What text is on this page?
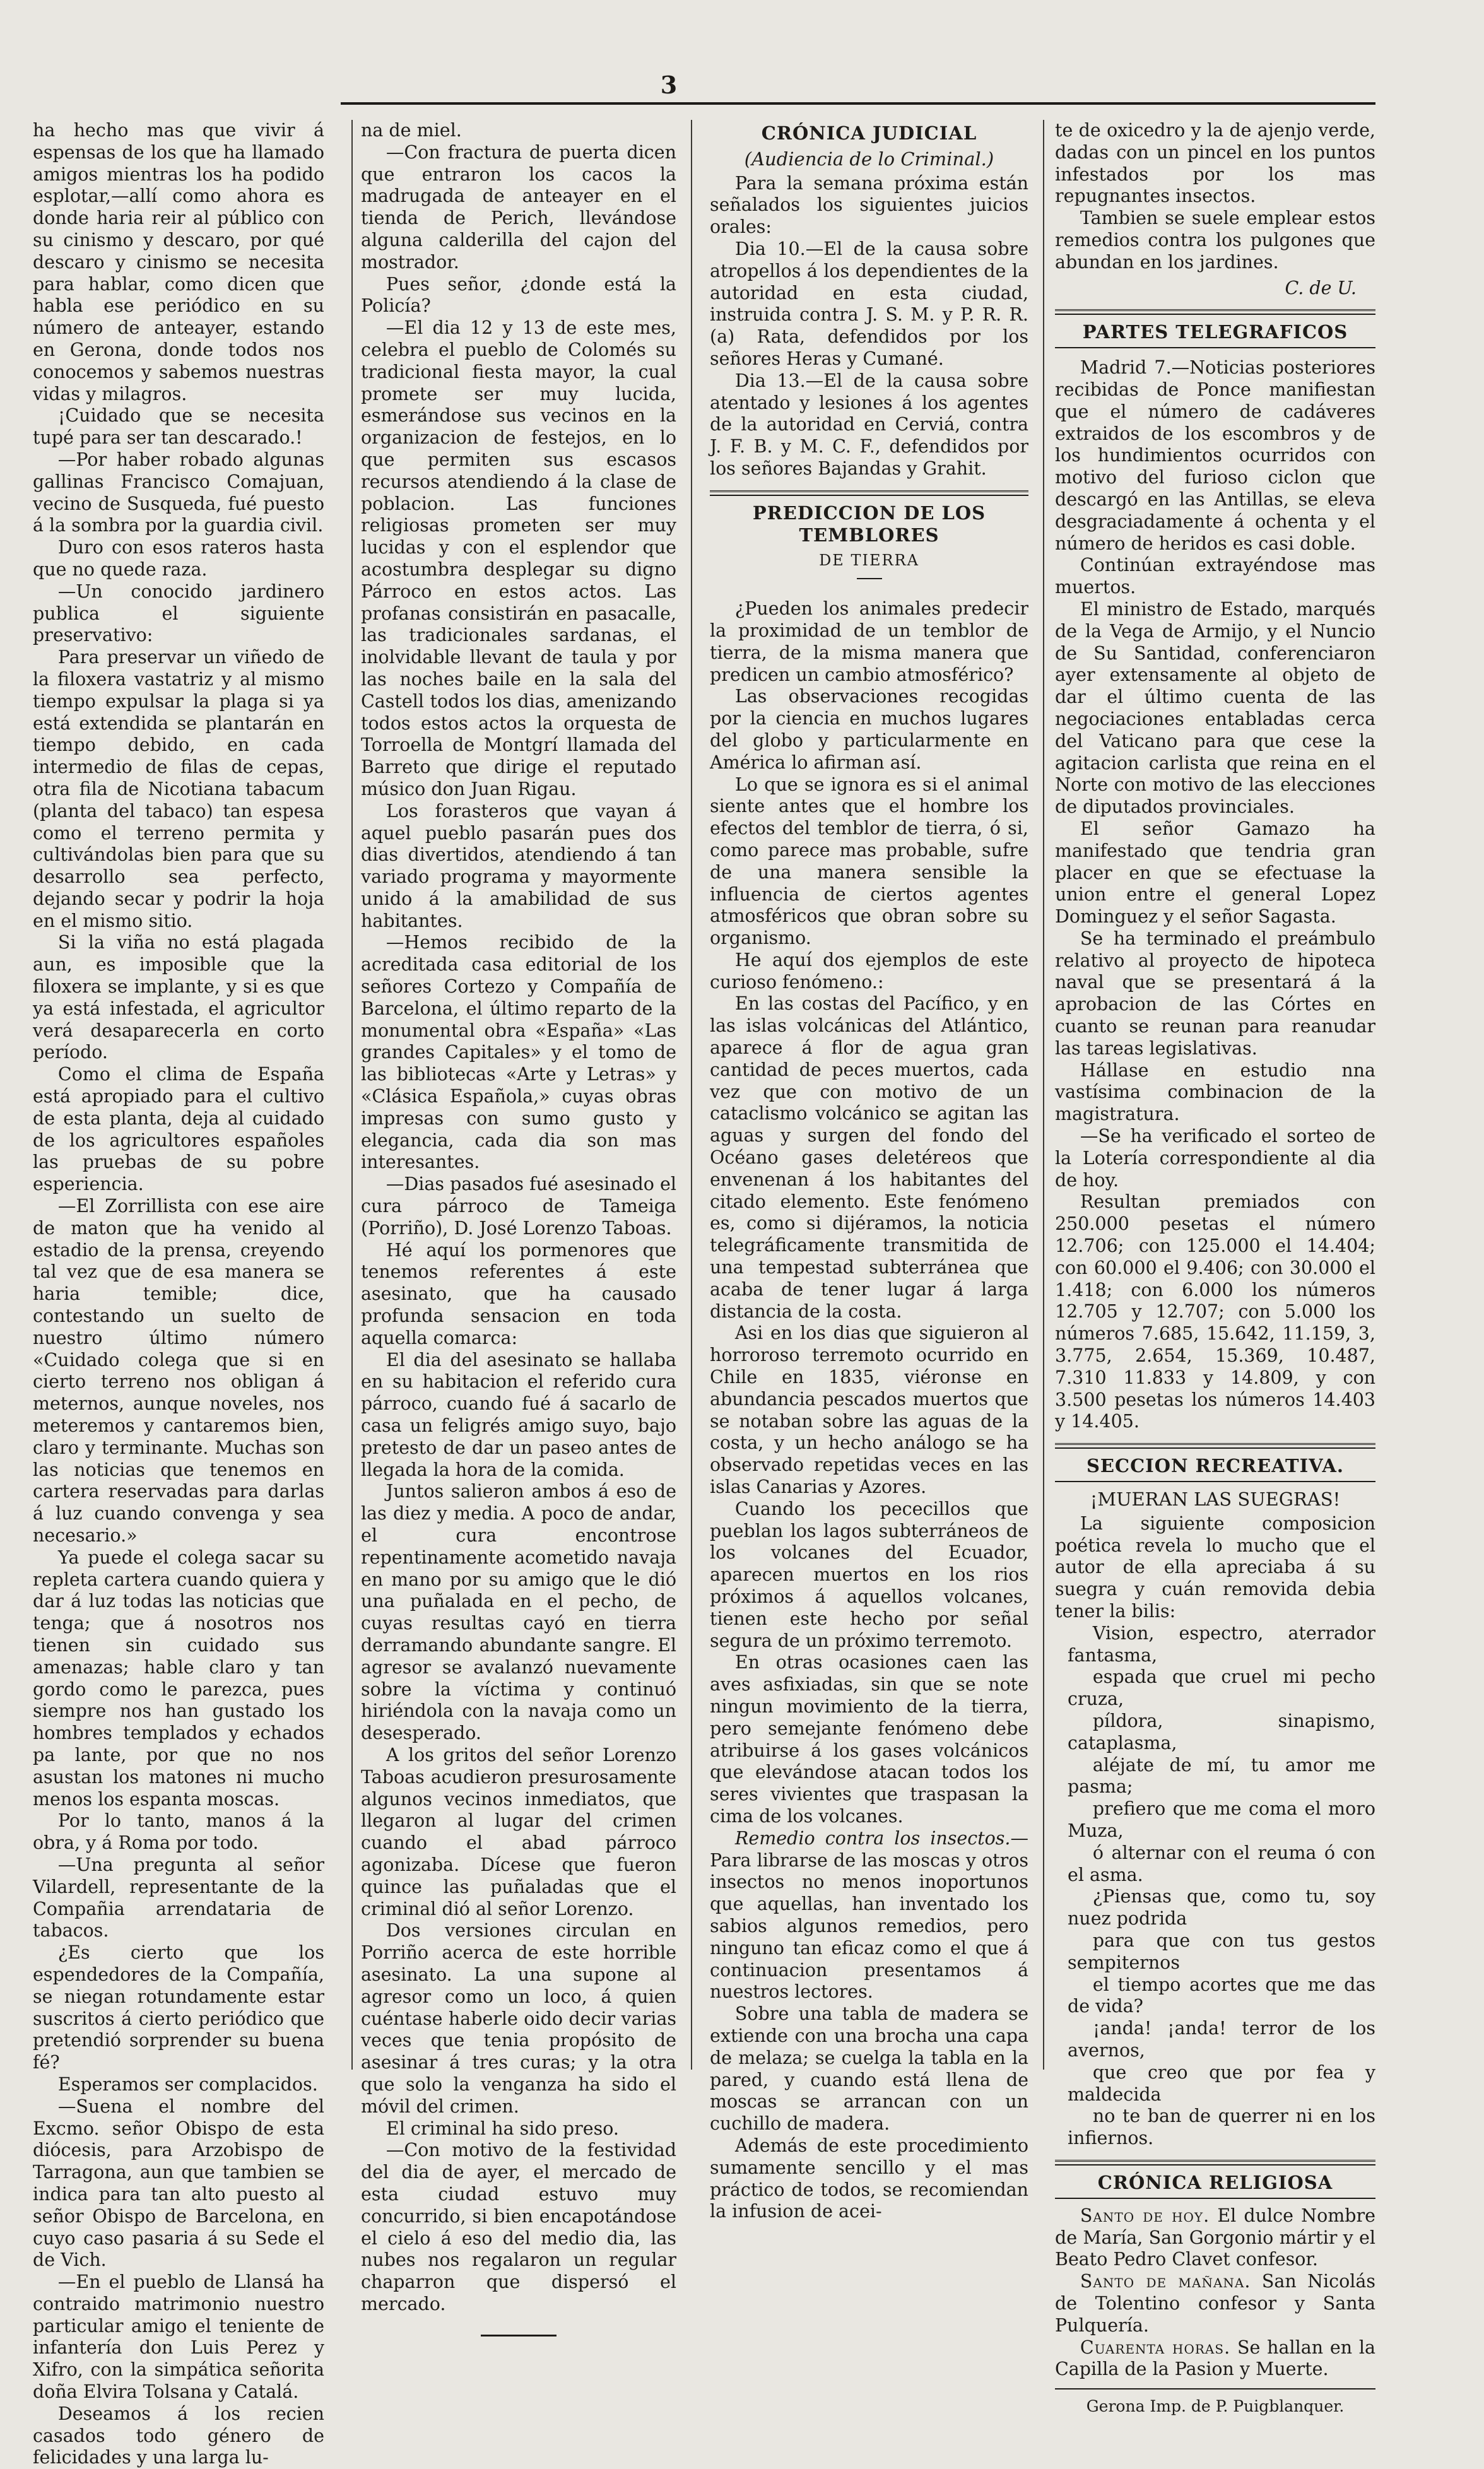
3

ha hecho mas que vivir á espensas de los que ha llamado amigos mientras los ha podido esplotar,—allí como ahora es donde haria reir al público con su cinismo y descaro, por qué descaro y cinismo se necesita para hablar, como dicen que habla ese periódico en su número de anteayer, estando en Gerona, donde todos nos conocemos y sabemos nuestras vidas y milagros.

¡Cuidado que se necesita tupé para ser tan descarado.!

—Por haber robado algunas gallinas Francisco Comajuan, vecino de Susqueda, fué puesto á la sombra por la guardia civil.

Duro con esos rateros hasta que no quede raza.

—Un conocido jardinero publica el siguiente preservativo:

Para preservar un viñedo de la filoxera vastatriz y al mismo tiempo expulsar la plaga si ya está extendida se plantarán en tiempo debido, en cada intermedio de filas de cepas, otra fila de Nicotiana tabacum (planta del tabaco) tan espesa como el terreno permita y cultivándolas bien para que su desarrollo sea perfecto, dejando secar y podrir la hoja en el mismo sitio.

Si la viña no está plagada aun, es imposible que la filoxera se implante, y si es que ya está infestada, el agricultor verá desaparecerla en corto período.

Como el clima de España está apropiado para el cultivo de esta planta, deja al cuidado de los agricultores españoles las pruebas de su pobre esperiencia.

—El Zorrillista con ese aire de maton que ha venido al estadio de la prensa, creyendo tal vez que de esa manera se haria temible; dice, contestando un suelto de nuestro último número «Cuidado colega que si en cierto terreno nos obligan á meternos, aunque noveles, nos meteremos y cantaremos bien, claro y terminante. Muchas son las noticias que tenemos en cartera reservadas para darlas á luz cuando convenga y sea necesario.»

Ya puede el colega sacar su repleta cartera cuando quiera y dar á luz todas las noticias que tenga; que á nosotros nos tienen sin cuidado sus amenazas; hable claro y tan gordo como le parezca, pues siempre nos han gustado los hombres templados y echados pa lante, por que no nos asustan los matones ni mucho menos los espanta moscas.

Por lo tanto, manos á la obra, y á Roma por todo.

—Una pregunta al señor Vilardell, representante de la Compañia arrendataria de tabacos.

¿Es cierto que los espendedores de la Compañía, se niegan rotundamente estar suscritos á cierto periódico que pretendió sorprender su buena fé?

Esperamos ser complacidos.

—Suena el nombre del Excmo. señor Obispo de esta diócesis, para Arzobispo de Tarragona, aun que tambien se indica para tan alto puesto al señor Obispo de Barcelona, en cuyo caso pasaria á su Sede el de Vich.

—En el pueblo de Llansá ha contraido matrimonio nuestro particular amigo el teniente de infantería don Luis Perez y Xifro, con la simpática señorita doña Elvira Tolsana y Catalá.

Deseamos á los recien casados todo género de felicidades y una larga lu-

na de miel.

—Con fractura de puerta dicen que entraron los cacos la madrugada de anteayer en el tienda de Perich, llevándose alguna calderilla del cajon del mostrador.

Pues señor, ¿donde está la Policía?

—El dia 12 y 13 de este mes, celebra el pueblo de Colomés su tradicional fiesta mayor, la cual promete ser muy lucida, esmerándose sus vecinos en la organizacion de festejos, en lo que permiten sus escasos recursos atendiendo á la clase de poblacion. Las funciones religiosas prometen ser muy lucidas y con el esplendor que acostumbra desplegar su digno Párroco en estos actos. Las profanas consistirán en pasacalle, las tradicionales sardanas, el inolvidable llevant de taula y por las noches baile en la sala del Castell todos los dias, amenizando todos estos actos la orquesta de Torroella de Montgrí llamada del Barreto que dirige el reputado músico don Juan Rigau.

Los forasteros que vayan á aquel pueblo pasarán pues dos dias divertidos, atendiendo á tan variado programa y mayormente unido á la amabilidad de sus habitantes.

—Hemos recibido de la acreditada casa editorial de los señores Cortezo y Compañía de Barcelona, el último reparto de la monumental obra «España» «Las grandes Capitales» y el tomo de las bibliotecas «Arte y Letras» y «Clásica Española,» cuyas obras impresas con sumo gusto y elegancia, cada dia son mas interesantes.

—Dias pasados fué asesinado el cura párroco de Tameiga (Porriño), D. José Lorenzo Taboas.

Hé aquí los pormenores que tenemos referentes á este asesinato, que ha causado profunda sensacion en toda aquella comarca:

El dia del asesinato se hallaba en su habitacion el referido cura párroco, cuando fué á sacarlo de casa un feligrés amigo suyo, bajo pretesto de dar un paseo antes de llegada la hora de la comida.

Juntos salieron ambos á eso de las diez y media. A poco de andar, el cura encontrose repentinamente acometido navaja en mano por su amigo que le dió una puñalada en el pecho, de cuyas resultas cayó en tierra derramando abundante sangre. El agresor se avalanzó nuevamente sobre la víctima y continuó hiriéndola con la navaja como un desesperado.

A los gritos del señor Lorenzo Taboas acudieron presurosamente algunos vecinos inmediatos, que llegaron al lugar del crimen cuando el abad párroco agonizaba. Dícese que fueron quince las puñaladas que el criminal dió al señor Lorenzo.

Dos versiones circulan en Porriño acerca de este horrible asesinato. La una supone al agresor como un loco, á quien cuéntase haberle oido decir varias veces que tenia propósito de asesinar á tres curas; y la otra que solo la venganza ha sido el móvil del crimen.

El criminal ha sido preso.

—Con motivo de la festividad del dia de ayer, el mercado de esta ciudad estuvo muy concurrido, si bien encapotándose el cielo á eso del medio dia, las nubes nos regalaron un regular chaparron que dispersó el mercado.

CRÓNICA JUDICIAL
(Audiencia de lo Criminal.)

Para la semana próxima están señalados los siguientes juicios orales:

Dia 10.—El de la causa sobre atropellos á los dependientes de la autoridad en esta ciudad, instruida contra J. S. M. y P. R. R. (a) Rata, defendidos por los señores Heras y Cumané.

Dia 13.—El de la causa sobre atentado y lesiones á los agentes de la autoridad en Cerviá, contra J. F. B. y M. C. F., defendidos por los señores Bajandas y Grahit.

PREDICCION DE LOS TEMBLORES
DE TIERRA

¿Pueden los animales predecir la proximidad de un temblor de tierra, de la misma manera que predicen un cambio atmosférico?

Las observaciones recogidas por la ciencia en muchos lugares del globo y particularmente en América lo afirman así.

Lo que se ignora es si el animal siente antes que el hombre los efectos del temblor de tierra, ó si, como parece mas probable, sufre de una manera sensible la influencia de ciertos agentes atmosféricos que obran sobre su organismo.

He aquí dos ejemplos de este curioso fenómeno.:

En las costas del Pacífico, y en las islas volcánicas del Atlántico, aparece á flor de agua gran cantidad de peces muertos, cada vez que con motivo de un cataclismo volcánico se agitan las aguas y surgen del fondo del Océano gases deletéreos que envenenan á los habitantes del citado elemento. Este fenómeno es, como si dijéramos, la noticia telegráficamente transmitida de una tempestad subterránea que acaba de tener lugar á larga distancia de la costa.

Asi en los dias que siguieron al horroroso terremoto ocurrido en Chile en 1835, viéronse en abundancia pescados muertos que se notaban sobre las aguas de la costa, y un hecho análogo se ha observado repetidas veces en las islas Canarias y Azores.

Cuando los pececillos que pueblan los lagos subterráneos de los volcanes del Ecuador, aparecen muertos en los rios próximos á aquellos volcanes, tienen este hecho por señal segura de un próximo terremoto.

En otras ocasiones caen las aves asfixiadas, sin que se note ningun movimiento de la tierra, pero semejante fenómeno debe atribuirse á los gases volcánicos que elevándose atacan todos los seres vivientes que traspasan la cima de los volcanes.

Remedio contra los insectos.—Para librarse de las moscas y otros insectos no menos inoportunos que aquellas, han inventado los sabios algunos remedios, pero ninguno tan eficaz como el que á continuacion presentamos á nuestros lectores.

Sobre una tabla de madera se extiende con una brocha una capa de melaza; se cuelga la tabla en la pared, y cuando está llena de moscas se arrancan con un cuchillo de madera.

Además de este procedimiento sumamente sencillo y el mas práctico de todos, se recomiendan la infusion de acei-

te de oxicedro y la de ajenjo verde, dadas con un pincel en los puntos infestados por los mas repugnantes insectos.

Tambien se suele emplear estos remedios contra los pulgones que abundan en los jardines.

C. de U.
PARTES TELEGRAFICOS

Madrid 7.—Noticias posteriores recibidas de Ponce manifiestan que el número de cadáveres extraidos de los escombros y de los hundimientos ocurridos con motivo del furioso ciclon que descargó en las Antillas, se eleva desgraciadamente á ochenta y el número de heridos es casi doble.

Continúan extrayéndose mas muertos.

El ministro de Estado, marqués de la Vega de Armijo, y el Nuncio de Su Santidad, conferenciaron ayer extensamente al objeto de dar el último cuenta de las negociaciones entabladas cerca del Vaticano para que cese la agitacion carlista que reina en el Norte con motivo de las elecciones de diputados provinciales.

El señor Gamazo ha manifestado que tendria gran placer en que se efectuase la union entre el general Lopez Dominguez y el señor Sagasta.

Se ha terminado el preámbulo relativo al proyecto de hipoteca naval que se presentará á la aprobacion de las Córtes en cuanto se reunan para reanudar las tareas legislativas.

Hállase en estudio nna vastísima combinacion de la magistratura.

—Se ha verificado el sorteo de la Lotería correspondiente al dia de hoy.

Resultan premiados con 250.000 pesetas el número 12.706; con 125.000 el 14.404; con 60.000 el 9.406; con 30.000 el 1.418; con 6.000 los números 12.705 y 12.707; con 5.000 los números 7.685, 15.642, 11.159, 3, 3.775, 2.654, 15.369, 10.487, 7.310 11.833 y 14.809, y con 3.500 pesetas los números 14.403 y 14.405.

SECCION RECREATIVA.
¡MUERAN LAS SUEGRAS!

La siguiente composicion poética revela lo mucho que el autor de ella apreciaba á su suegra y cuán removida debia tener la bilis:

Vision, espectro, aterrador fantasma,

espada que cruel mi pecho cruza,

píldora, sinapismo, cataplasma,

aléjate de mí, tu amor me pasma;

prefiero que me coma el moro Muza,

ó alternar con el reuma ó con el asma.

¿Piensas que, como tu, soy nuez podrida

para que con tus gestos sempiternos

el tiempo acortes que me das de vida?

¡anda! ¡anda! terror de los avernos,

que creo que por fea y maldecida

no te ban de querrer ni en los infiernos.

CRÓNICA RELIGIOSA

Santo de hoy. El dulce Nombre de María, San Gorgonio mártir y el Beato Pedro Clavet confesor.

Santo de mañana. San Nicolás de Tolentino confesor y Santa Pulquería.

Cuarenta horas. Se hallan en la Capilla de la Pasion y Muerte.

Gerona Imp. de P. Puigblanquer.
